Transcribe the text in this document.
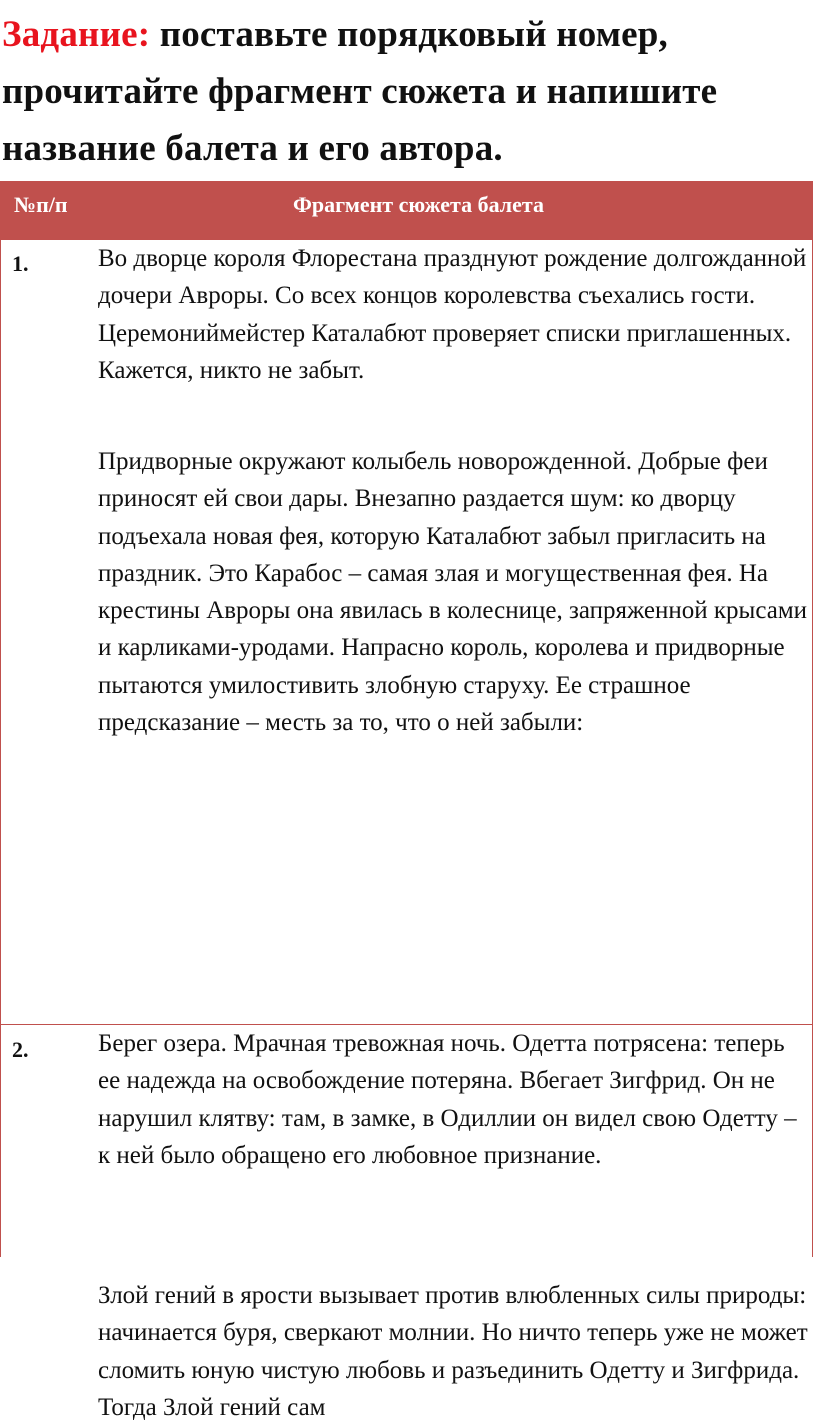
Задание: поставьте порядковый номер, прочитайте фрагмент сюжета и напишите название балета и его автора.
№п/п	Фрагмент сюжета балета
1.	Во дворце короля Флорестана празднуют рождение долгожданной дочери Авроры. Со всех концов королевства съехались гости. Церемониймейстер Каталабют проверяет списки приглашенных. Кажется, никто не забыт.

Придворные окружают колыбель новорожденной. Добрые феи приносят ей свои дары. Внезапно раздается шум: ко дворцу подъехала новая фея, которую Каталабют забыл пригласить на праздник. Это Карабос – самая злая и могущественная фея. На крестины Авроры она явилась в колеснице, запряженной крысами и карликами-уродами. Напрасно король, королева и придворные пытаются умилостивить злобную старуху. Ее страшное предсказание – месть за то, что о ней забыли:

2.	Берег озера. Мрачная тревожная ночь. Одетта потрясена: теперь ее надежда на освобождение потеряна. Вбегает Зигфрид. Он не нарушил клятву: там, в замке, в Одиллии он видел свою Одетту – к ней было обращено его любовное признание.

Злой гений в ярости вызывает против влюбленных силы природы: начинается буря, сверкают молнии. Но ничто теперь уже не может сломить юную чистую любовь и разъединить Одетту и Зигфрида. Тогда Злой гений сам
